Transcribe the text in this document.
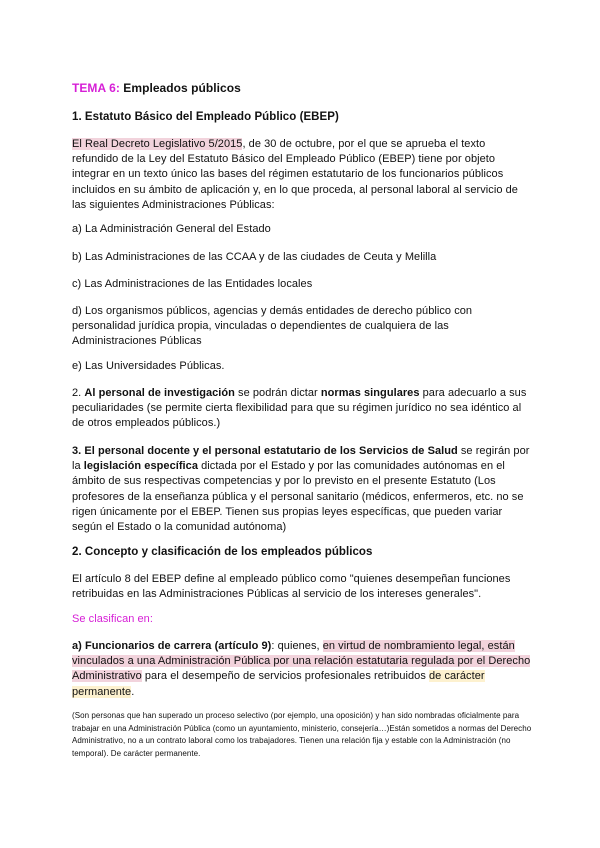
TEMA 6: Empleados públicos

1. Estatuto Básico del Empleado Público (EBEP)

El Real Decreto Legislativo 5/2015, de 30 de octubre, por el que se aprueba el texto refundido de la Ley del Estatuto Básico del Empleado Público (EBEP) tiene por objeto integrar en un texto único las bases del régimen estatutario de los funcionarios públicos incluidos en su ámbito de aplicación y, en lo que proceda, al personal laboral al servicio de las siguientes Administraciones Públicas:

a) La Administración General del Estado

b) Las Administraciones de las CCAA y de las ciudades de Ceuta y Melilla

c) Las Administraciones de las Entidades locales

d) Los organismos públicos, agencias y demás entidades de derecho público con personalidad jurídica propia, vinculadas o dependientes de cualquiera de las Administraciones Públicas

e) Las Universidades Públicas.

2. Al personal de investigación se podrán dictar normas singulares para adecuarlo a sus peculiaridades (se permite cierta flexibilidad para que su régimen jurídico no sea idéntico al de otros empleados públicos.)

3. El personal docente y el personal estatutario de los Servicios de Salud se regirán por la legislación específica dictada por el Estado y por las comunidades autónomas en el ámbito de sus respectivas competencias y por lo previsto en el presente Estatuto (Los profesores de la enseñanza pública y el personal sanitario (médicos, enfermeros, etc. no se rigen únicamente por el EBEP. Tienen sus propias leyes específicas, que pueden variar según el Estado o la comunidad autónoma)

2. Concepto y clasificación de los empleados públicos

El artículo 8 del EBEP define al empleado público como "quienes desempeñan funciones retribuidas en las Administraciones Públicas al servicio de los intereses generales".

Se clasifican en:

a) Funcionarios de carrera (artículo 9): quienes, en virtud de nombramiento legal, están vinculados a una Administración Pública por una relación estatutaria regulada por el Derecho Administrativo para el desempeño de servicios profesionales retribuidos de carácter permanente.

(Son personas que han superado un proceso selectivo (por ejemplo, una oposición) y han sido nombradas oficialmente para trabajar en una Administración Pública (como un ayuntamiento, ministerio, consejería…)Están sometidos a normas del Derecho Administrativo, no a un contrato laboral como los trabajadores. Tienen una relación fija y estable con la Administración (no temporal). De carácter permanente.
